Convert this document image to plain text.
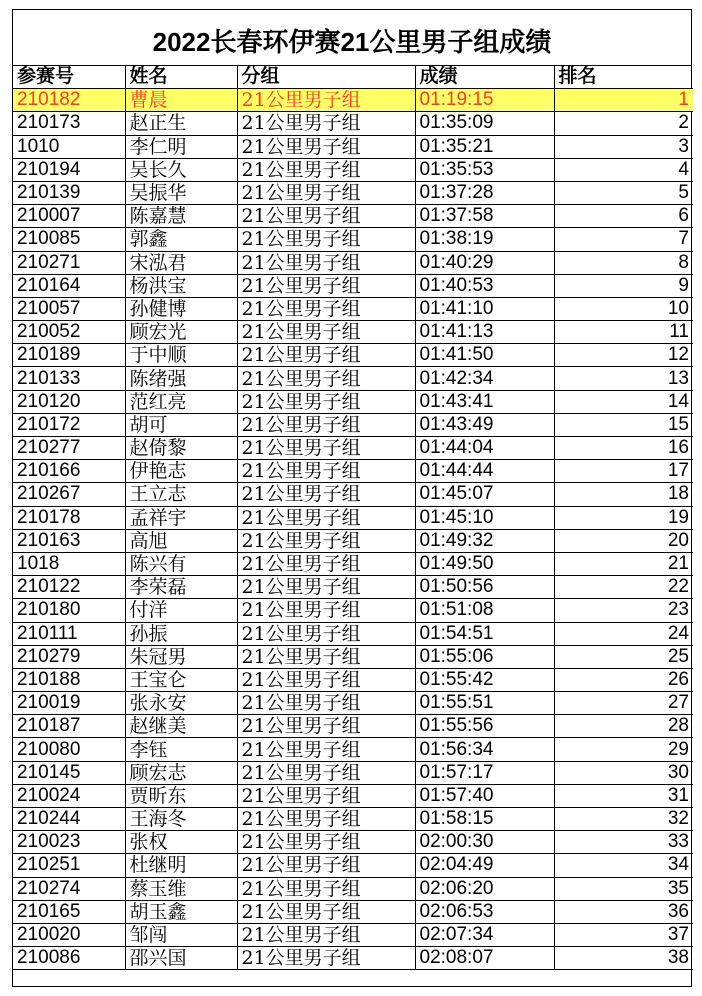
2022长春环伊赛21公里男子组成绩
参赛号	姓名	分组	成绩	排名
210182	曹晨	21公里男子组	01:19:15	1
210173	赵正生	21公里男子组	01:35:09	2
1010	李仁明	21公里男子组	01:35:21	3
210194	吴长久	21公里男子组	01:35:53	4
210139	吴振华	21公里男子组	01:37:28	5
210007	陈嘉慧	21公里男子组	01:37:58	6
210085	郭鑫	21公里男子组	01:38:19	7
210271	宋泓君	21公里男子组	01:40:29	8
210164	杨洪宝	21公里男子组	01:40:53	9
210057	孙健博	21公里男子组	01:41:10	10
210052	顾宏光	21公里男子组	01:41:13	11
210189	于中顺	21公里男子组	01:41:50	12
210133	陈绪强	21公里男子组	01:42:34	13
210120	范红亮	21公里男子组	01:43:41	14
210172	胡可	21公里男子组	01:43:49	15
210277	赵倚黎	21公里男子组	01:44:04	16
210166	伊艳志	21公里男子组	01:44:44	17
210267	王立志	21公里男子组	01:45:07	18
210178	孟祥宇	21公里男子组	01:45:10	19
210163	高旭	21公里男子组	01:49:32	20
1018	陈兴有	21公里男子组	01:49:50	21
210122	李荣磊	21公里男子组	01:50:56	22
210180	付洋	21公里男子组	01:51:08	23
210111	孙振	21公里男子组	01:54:51	24
210279	朱冠男	21公里男子组	01:55:06	25
210188	王宝仑	21公里男子组	01:55:42	26
210019	张永安	21公里男子组	01:55:51	27
210187	赵继美	21公里男子组	01:55:56	28
210080	李钰	21公里男子组	01:56:34	29
210145	顾宏志	21公里男子组	01:57:17	30
210024	贾昕东	21公里男子组	01:57:40	31
210244	王海冬	21公里男子组	01:58:15	32
210023	张权	21公里男子组	02:00:30	33
210251	杜继明	21公里男子组	02:04:49	34
210274	蔡玉维	21公里男子组	02:06:20	35
210165	胡玉鑫	21公里男子组	02:06:53	36
210020	邹闯	21公里男子组	02:07:34	37
210086	邵兴国	21公里男子组	02:08:07	38
